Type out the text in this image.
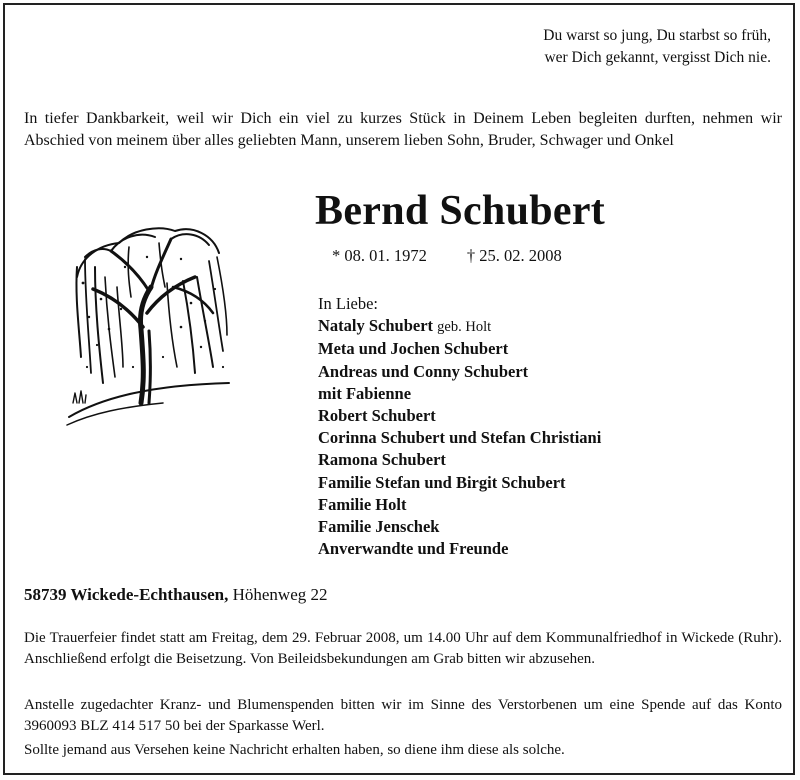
Du warst so jung, Du starbst so früh,
wer Dich gekannt, vergisst Dich nie.
In tiefer Dankbarkeit, weil wir Dich ein viel zu kurzes Stück in Deinem Leben begleiten durften, nehmen wir Abschied von meinem über alles geliebten Mann, unserem lieben Sohn, Bruder, Schwager und Onkel
Bernd Schubert
* 08. 01. 1972 † 25. 02. 2008
In Liebe:
Nataly Schubert geb. Holt
Meta und Jochen Schubert
Andreas und Conny Schubert
mit Fabienne
Robert Schubert
Corinna Schubert und Stefan Christiani
Ramona Schubert
Familie Stefan und Birgit Schubert
Familie Holt
Familie Jenschek
Anverwandte und Freunde
58739 Wickede-Echthausen, Höhenweg 22
Die Trauerfeier findet statt am Freitag, dem 29. Februar 2008, um 14.00 Uhr auf dem Kommunalfriedhof in Wickede (Ruhr). Anschließend erfolgt die Beisetzung. Von Beileidsbekundungen am Grab bitten wir abzusehen.
Anstelle zugedachter Kranz- und Blumenspenden bitten wir im Sinne des Verstorbenen um eine Spende auf das Konto 3960093 BLZ 414 517 50 bei der Sparkasse Werl.
Sollte jemand aus Versehen keine Nachricht erhalten haben, so diene ihm diese als solche.
